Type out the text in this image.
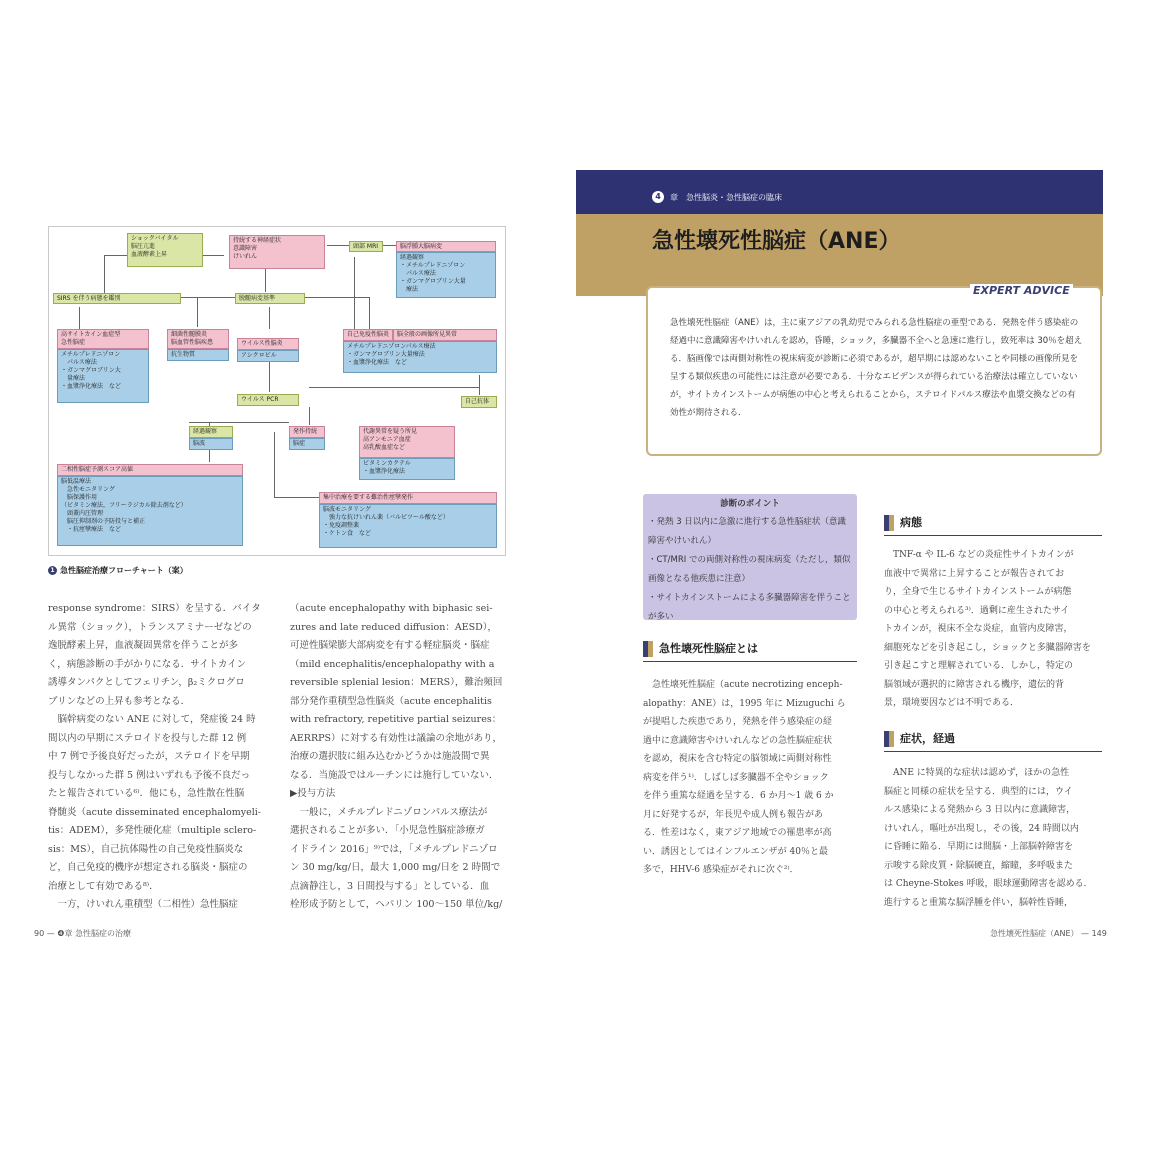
ショックバイタル
脳圧亢進
血液酵素上昇
持続する神経症状
意識障害
けいれん
頭部 MRI	脳浮腫大脳病変
経過観察
・メチルプレドニゾロン
　パルス療法
・ガンマグロブリン大量
　療法
SIRS を伴う病態を鑑別	脱髄病変基準
高サイトカイン血症型
急性脳症
メチルプレドニゾロン
　パルス療法
・ガンマグロブリン大
　量療法
・血漿浄化療法　など
細菌性髄膜炎
脳血管性脳疾患
抗生物質
ウイルス性脳炎
アシクロビル
自己免疫性脳炎	脳全般の画像所見異常
メチルプレドニゾロンパルス療法
・ガンマグロブリン大量療法
・血漿浄化療法　など
ウイルス PCR	自己抗体
経過観察
脳波
発作持続
脳症
代謝異常を疑う所見
高アンモニア血症
高乳酸血症など
ビタミンカクテル
・血漿浄化療法
二相性脳症予測スコア高値
脳低温療法
　急性モニタリング
　脳保護作用
（ビタミン療法，フリーラジカル除去剤など）
　頭蓋内圧管理
　脳圧抑制剤の予防投与と補正
　・抗痙攣療法　など
集中治療を要する難治性痙攣発作
脳波モニタリング
　強力な抗けいれん薬（バルビツール酸など）
・免疫調整薬
・ケトン食　など
1 急性脳症治療フローチャート（案）
response syndrome：SIRS）を呈する．バイタ
ル異常（ショック），トランスアミナーゼなどの
逸脱酵素上昇，血液凝固異常を伴うことが多
く，病態診断の手がかりになる．サイトカイン
誘導タンパクとしてフェリチン，β₂ミクログロ
ブリンなどの上昇も参考となる．
　脳幹病変のない ANE に対して，発症後 24 時
間以内の早期にステロイドを投与した群 12 例
中 7 例で予後良好だったが，ステロイドを早期
投与しなかった群 5 例はいずれも予後不良だっ
たと報告されている⁶⁾．他にも，急性散在性脳
脊髄炎（acute disseminated encephalomyeli-
tis：ADEM），多発性硬化症（multiple sclero-
sis：MS），自己抗体陽性の自己免疫性脳炎な
ど，自己免疫的機序が想定される脳炎・脳症の
治療として有効である⁸⁾．
　一方，けいれん重積型（二相性）急性脳症
（acute encephalopathy with biphasic sei-
zures and late reduced diffusion：AESD），
可逆性脳梁膨大部病変を有する軽症脳炎・脳症
（mild encephalitis/encephalopathy with a
reversible splenial lesion：MERS），難治頻回
部分発作重積型急性脳炎（acute encephalitis
with refractory, repetitive partial seizures：
AERRPS）に対する有効性は議論の余地があり，
治療の選択肢に組み込むかどうかは施設間で異
なる．当施設ではルーチンには施行していない．
▶投与方法
　一般に，メチルプレドニゾロンパルス療法が
選択されることが多い．「小児急性脳症診療ガ
イドライン 2016」⁹⁾では，「メチルプレドニゾロ
ン 30 mg/kg/日，最大 1,000 mg/日を 2 時間で
点滴静注し，3 日間投与する」としている．血
栓形成予防として，ヘパリン 100〜150 単位/kg/
90 — ❹章 急性脳症の治療
4	章　急性脳炎・急性脳症の臨床
急性壊死性脳症（ANE）
EXPERT ADVICE
急性壊死性脳症（ANE）は，主に東アジアの乳幼児でみられる急性脳症の亜型である．発熱を伴う感染症の経過中に意識障害やけいれんを認め，昏睡，ショック，多臓器不全へと急速に進行し，致死率は 30％を超える．脳画像では両側対称性の視床病変が診断に必須であるが，超早期には認めないことや同様の画像所見を呈する類似疾患の可能性には注意が必要である．十分なエビデンスが得られている治療法は確立していないが，サイトカインストームが病態の中心と考えられることから，ステロイドパルス療法や血漿交換などの有効性が期待される．
診断のポイント
・発熱 3 日以内に急激に進行する急性脳症状（意識障害やけいれん）
・CT/MRI での両側対称性の視床病変（ただし，類似画像となる他疾患に注意）
・サイトカインストームによる多臓器障害を伴うことが多い
急性壊死性脳症とは
　急性壊死性脳症（acute necrotizing enceph-
alopathy：ANE）は，1995 年に Mizuguchi ら
が提唱した疾患であり，発熱を伴う感染症の経
過中に意識障害やけいれんなどの急性脳症症状
を認め，視床を含む特定の脳領域に両側対称性
病変を伴う¹⁾．しばしば多臓器不全やショック
を伴う重篤な経過を呈する．6 か月〜1 歳 6 か
月に好発するが，年長児や成人例も報告があ
る．性差はなく，東アジア地域での罹患率が高
い．誘因としてはインフルエンザが 40％と最
多で，HHV-6 感染症がそれに次ぐ²⁾．
病態
　TNF-α や IL-6 などの炎症性サイトカインが
血液中で異常に上昇することが報告されてお
り，全身で生じるサイトカインストームが病態
の中心と考えられる³⁾．過剰に産生されたサイ
トカインが，視床不全な炎症，血管内皮障害，
細胞死などを引き起こし，ショックと多臓器障害を
引き起こすと理解されている．しかし，特定の
脳領域が選択的に障害される機序，遺伝的背
景，環境要因などは不明である．
症状，経過
　ANE に特異的な症状は認めず，ほかの急性
脳症と同様の症状を呈する．典型的には，ウイ
ルス感染による発熱から 3 日以内に意識障害，
けいれん，嘔吐が出現し，その後，24 時間以内
に昏睡に陥る．早期には間脳・上部脳幹障害を
示唆する除皮質・除脳硬直，縮瞳，多呼吸また
は Cheyne-Stokes 呼吸，眼球運動障害を認める．
進行すると重篤な脳浮腫を伴い，脳幹性昏睡，
急性壊死性脳症（ANE） — 149
